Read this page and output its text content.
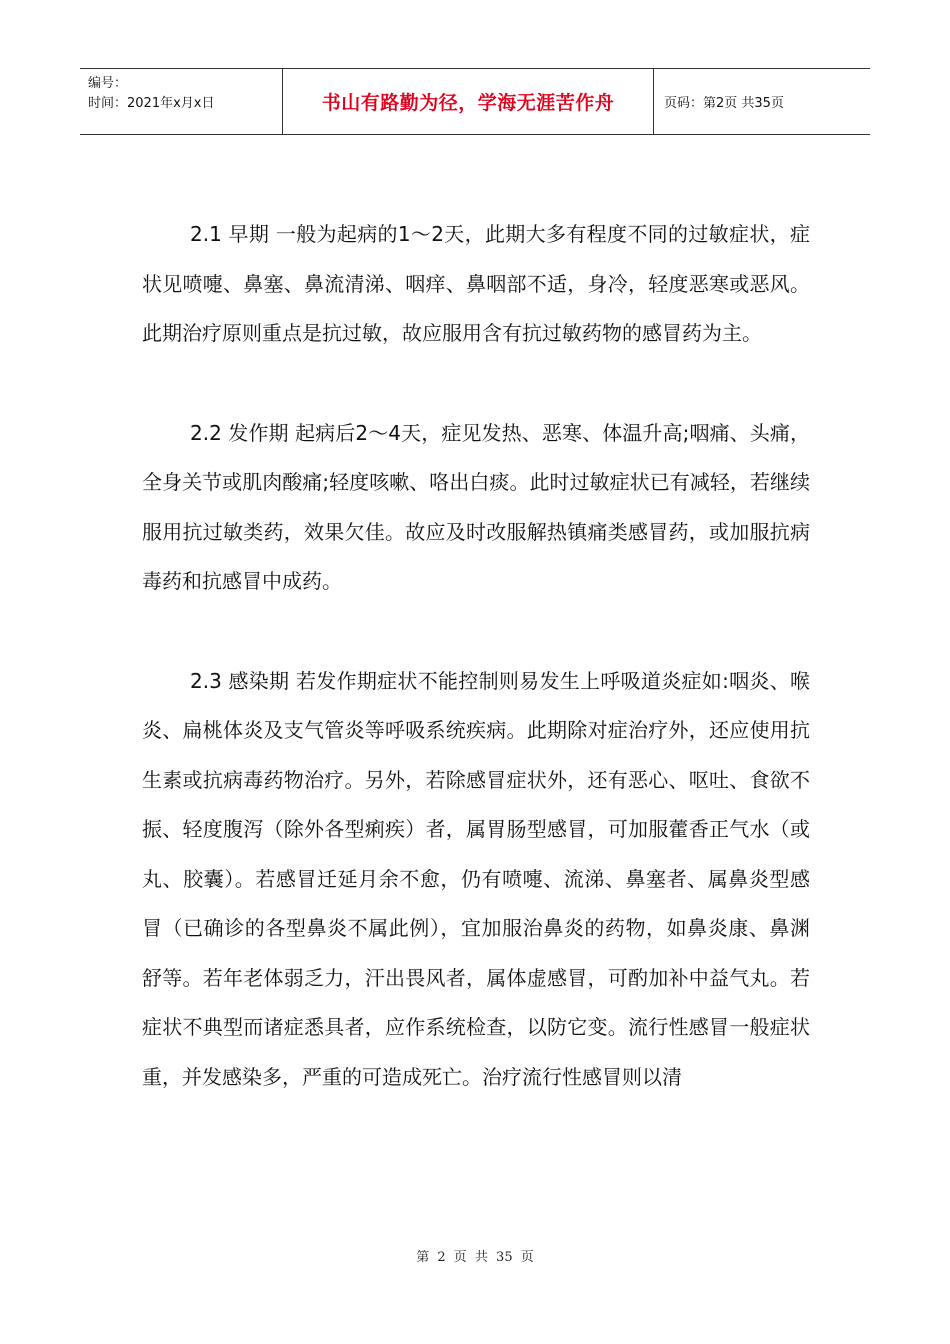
编号：
时间：2021年x月x日	书山有路勤为径，学海无涯苦作舟	页码：第2页 共35页

2.1 早期 一般为起病的1～2天，此期大多有程度不同的过敏症状，症状见喷嚏、鼻塞、鼻流清涕、咽痒、鼻咽部不适，身冷，轻度恶寒或恶风。此期治疗原则重点是抗过敏，故应服用含有抗过敏药物的感冒药为主。

2.2 发作期 起病后2～4天，症见发热、恶寒、体温升高;咽痛、头痛，全身关节或肌肉酸痛;轻度咳嗽、咯出白痰。此时过敏症状已有减轻，若继续服用抗过敏类药，效果欠佳。故应及时改服解热镇痛类感冒药，或加服抗病毒药和抗感冒中成药。

2.3 感染期 若发作期症状不能控制则易发生上呼吸道炎症如:咽炎、喉炎、扁桃体炎及支气管炎等呼吸系统疾病。此期除对症治疗外，还应使用抗生素或抗病毒药物治疗。另外，若除感冒症状外，还有恶心、呕吐、食欲不振、轻度腹泻（除外各型痢疾）者，属胃肠型感冒，可加服藿香正气水（或丸、胶囊）。若感冒迁延月余不愈，仍有喷嚏、流涕、鼻塞者、属鼻炎型感冒（已确诊的各型鼻炎不属此例），宜加服治鼻炎的药物，如鼻炎康、鼻渊舒等。若年老体弱乏力，汗出畏风者，属体虚感冒，可酌加补中益气丸。若症状不典型而诸症悉具者，应作系统检查，以防它变。流行性感冒一般症状重，并发感染多，严重的可造成死亡。治疗流行性感冒则以清

第 2 页 共 35 页
